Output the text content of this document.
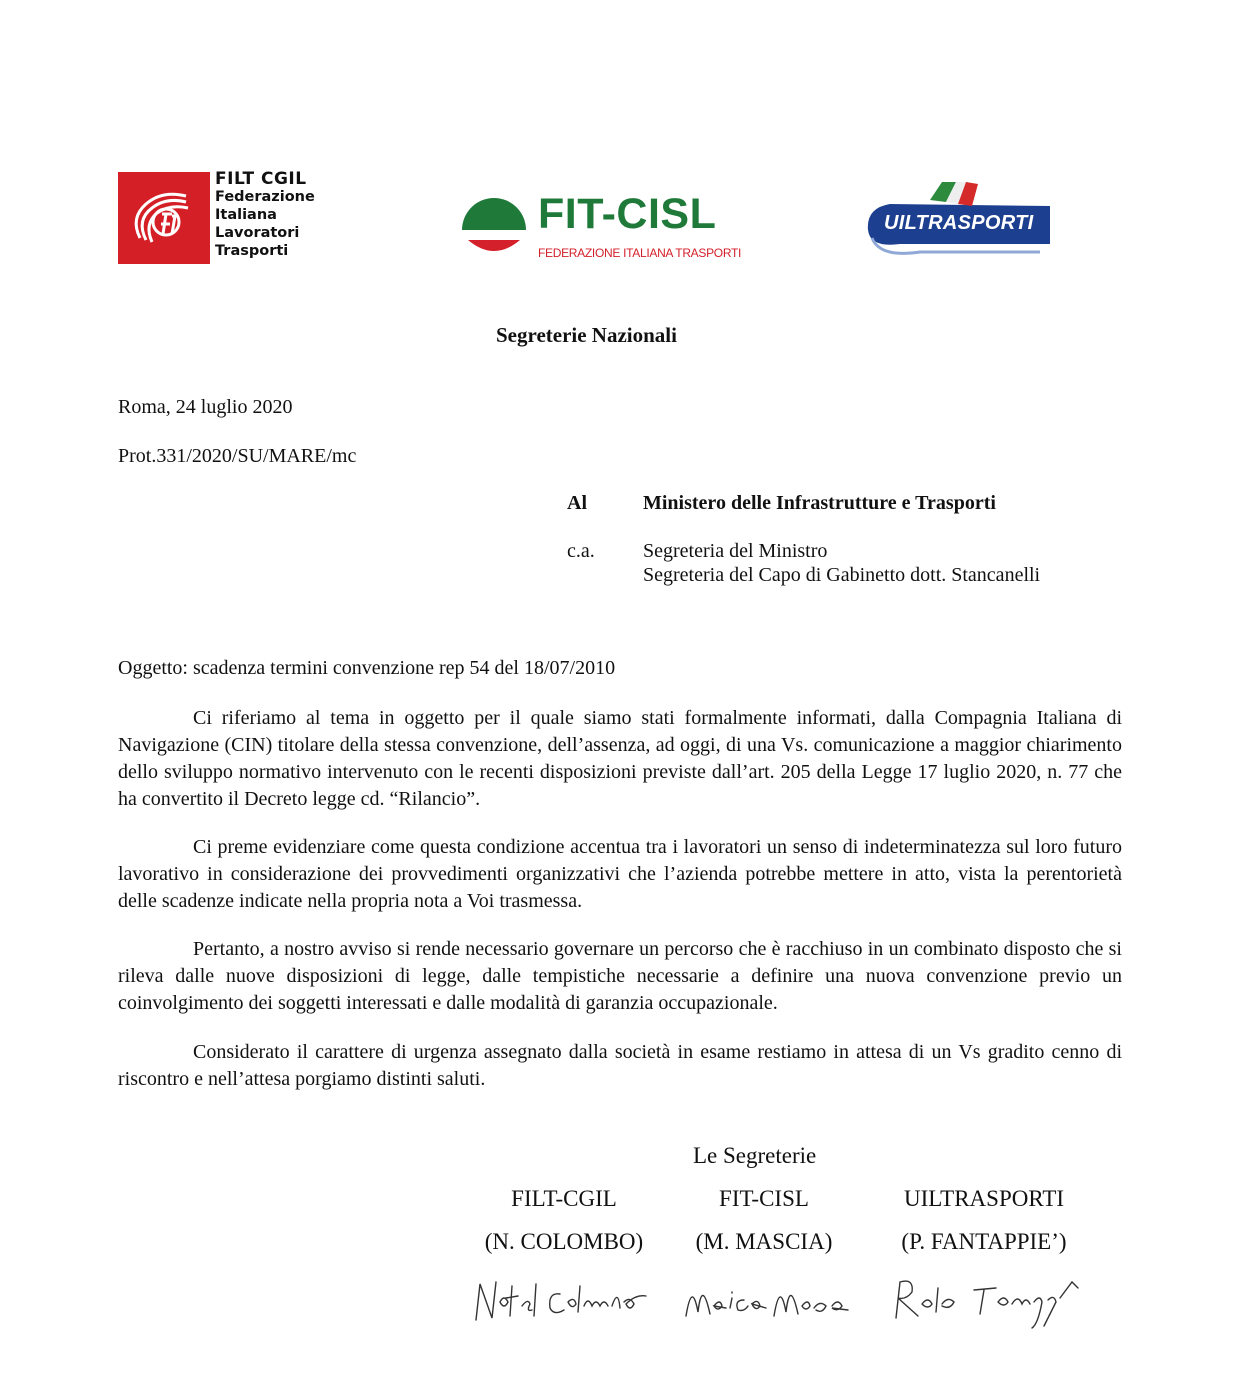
FILT CGIL
Federazione
Italiana
Lavoratori
Trasporti
FIT-CISL
FEDERAZIONE ITALIANA TRASPORTI
UILTRASPORTI
Segreterie Nazionali
Roma, 24 luglio 2020
Prot.331/2020/SU/MARE/mc
Al	Ministero delle Infrastrutture e Trasporti
c.a. Segreteria del Ministro
Segreteria del Capo di Gabinetto dott. Stancanelli
Oggetto: scadenza termini convenzione rep 54 del 18/07/2010

Ci riferiamo al tema in oggetto per il quale siamo stati formalmente informati, dalla Compagnia Italiana di Navigazione (CIN) titolare della stessa convenzione, dell’assenza, ad oggi, di una Vs. comunicazione a maggior chiarimento dello sviluppo normativo intervenuto con le recenti disposizioni previste dall’art. 205 della Legge 17 luglio 2020, n. 77 che ha convertito il Decreto legge cd. “Rilancio”.

Ci preme evidenziare come questa condizione accentua tra i lavoratori un senso di indeterminatezza sul loro futuro lavorativo in considerazione dei provvedimenti organizzativi che l’azienda potrebbe mettere in atto, vista la perentorietà delle scadenze indicate nella propria nota a Voi trasmessa.

Pertanto, a nostro avviso si rende necessario governare un percorso che è racchiuso in un combinato disposto che si rileva dalle nuove disposizioni di legge, dalle tempistiche necessarie a definire una nuova convenzione previo un coinvolgimento dei soggetti interessati e dalle modalità di garanzia occupazionale.

Considerato il carattere di urgenza assegnato dalla società in esame restiamo in attesa di un Vs gradito cenno di riscontro e nell’attesa porgiamo distinti saluti.

Le Segreterie
FILT-CGIL	FIT-CISL	UILTRASPORTI
(N. COLOMBO)	(M. MASCIA)	(P. FANTAPPIE’)
